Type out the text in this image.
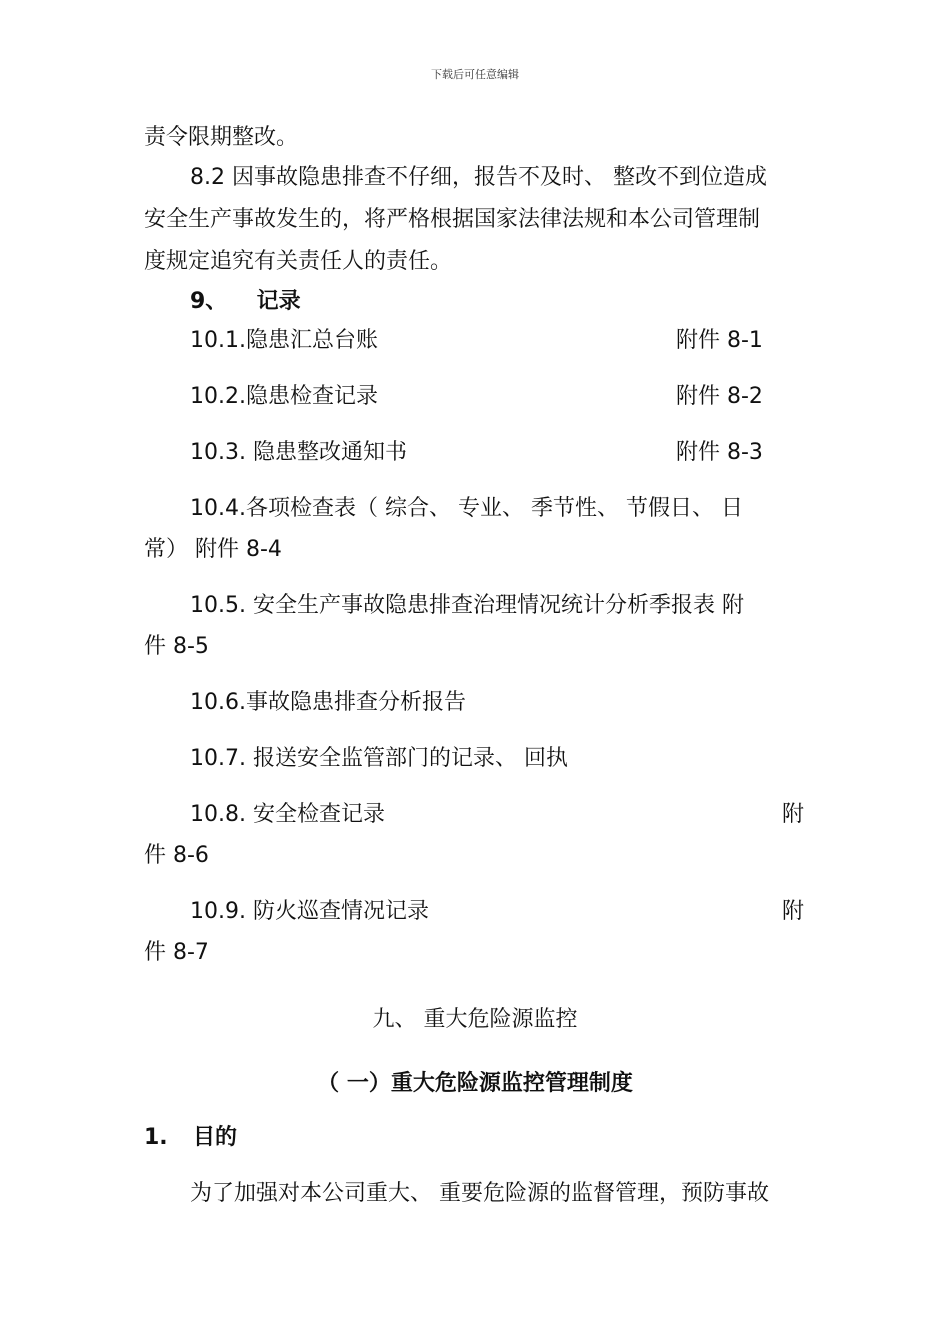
下载后可任意编辑
责令限期整改。
8.2 因事故隐患排查不仔细，报告不及时、 整改不到位造成
安全生产事故发生的，将严格根据国家法律法规和本公司管理制
度规定追究有关责任人的责任。
9、 记录
10.1.隐患汇总台账	附件 8-1
10.2.隐患检查记录	附件 8-2
10.3. 隐患整改通知书	附件 8-3
10.4.各项检查表（ 综合、 专业、 季节性、 节假日、 日
常） 附件 8-4
10.5. 安全生产事故隐患排查治理情况统计分析季报表 附
件 8-5
10.6.事故隐患排查分析报告
10.7. 报送安全监管部门的记录、 回执
10.8. 安全检查记录	附
件 8-6
10.9. 防火巡查情况记录	附
件 8-7
九、 重大危险源监控
（ 一）重大危险源监控管理制度
1. 目的
为了加强对本公司重大、 重要危险源的监督管理，预防事故
